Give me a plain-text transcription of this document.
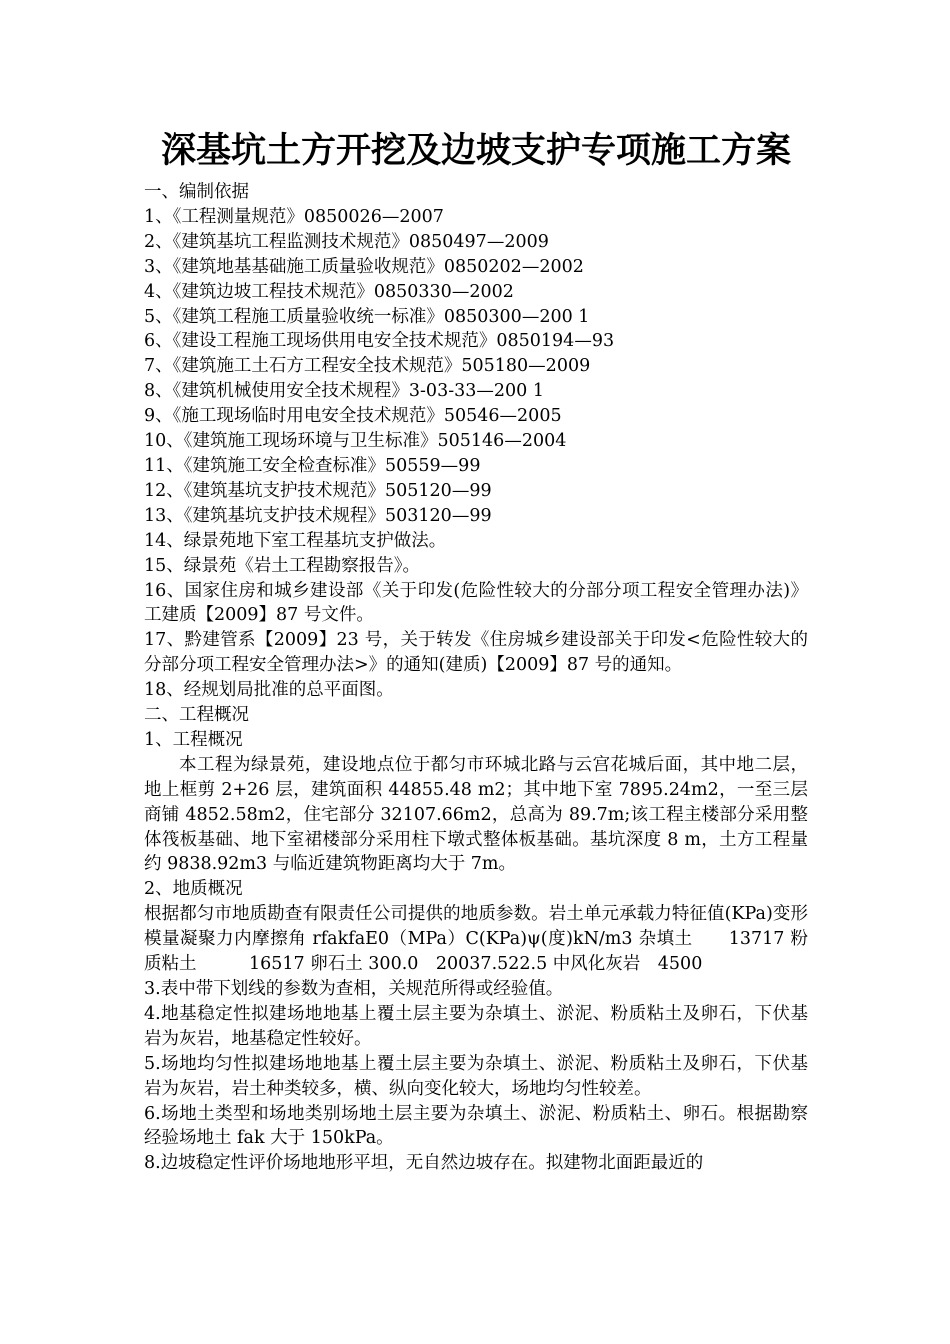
深基坑土方开挖及边坡支护专项施工方案

一、编制依据

1、《工程测量规范》0850026—2007

2、《建筑基坑工程监测技术规范》0850497—2009

3、《建筑地基基础施工质量验收规范》0850202—2002

4、《建筑边坡工程技术规范》0850330—2002

5、《建筑工程施工质量验收统一标准》0850300—200 1

6、《建设工程施工现场供用电安全技术规范》0850194—93

7、《建筑施工土石方工程安全技术规范》505180—2009

8、《建筑机械使用安全技术规程》3-03-33—200 1

9、《施工现场临时用电安全技术规范》50546—2005

10、《建筑施工现场环境与卫生标准》505146—2004

11、《建筑施工安全检查标准》50559—99

12、《建筑基坑支护技术规范》505120—99

13、《建筑基坑支护技术规程》503120—99

14、绿景苑地下室工程基坑支护做法。

15、绿景苑《岩土工程勘察报告》。

16、国家住房和城乡建设部《关于印发(危险性较大的分部分项工程安全管理办法)》工建质【2009】87 号文件。

17、黔建管系【2009】23 号，关于转发《住房城乡建设部关于印发<危险性较大的分部分项工程安全管理办法>》的通知(建质)【2009】87 号的通知。

18、经规划局批准的总平面图。

二、工程概况

1、工程概况

本工程为绿景苑，建设地点位于都匀市环城北路与云宫花城后面，其中地二层，地上框剪 2+26 层，建筑面积 44855.48 m2；其中地下室 7895.24m2，一至三层商铺 4852.58m2，住宅部分 32107.66m2，总高为 89.7m;该工程主楼部分采用整体筏板基础、地下室裙楼部分采用柱下墩式整体板基础。基坑深度 8 m，土方工程量约 9838.92m3 与临近建筑物距离均大于 7m。

2、地质概况

根据都匀市地质勘查有限责任公司提供的地质参数。岩土单元承载力特征值(KPa)变形模量凝聚力内摩擦角 rfakfaE0（MPa）C(KPa)ψ(度)kN/m3 杂填土　　13717 粉质粘土　　　16517 卵石土 300.0　20037.522.5 中风化灰岩　4500

3.表中带下划线的参数为查相，关规范所得或经验值。

4.地基稳定性拟建场地地基上覆土层主要为杂填土、淤泥、粉质粘土及卵石，下伏基岩为灰岩，地基稳定性较好。

5.场地均匀性拟建场地地基上覆土层主要为杂填土、淤泥、粉质粘土及卵石，下伏基岩为灰岩，岩土种类较多，横、纵向变化较大，场地均匀性较差。

6.场地土类型和场地类别场地土层主要为杂填土、淤泥、粉质粘土、卵石。根据勘察经验场地土 fak 大于 150kPa。

8.边坡稳定性评价场地地形平坦，无自然边坡存在。拟建物北面距最近的
